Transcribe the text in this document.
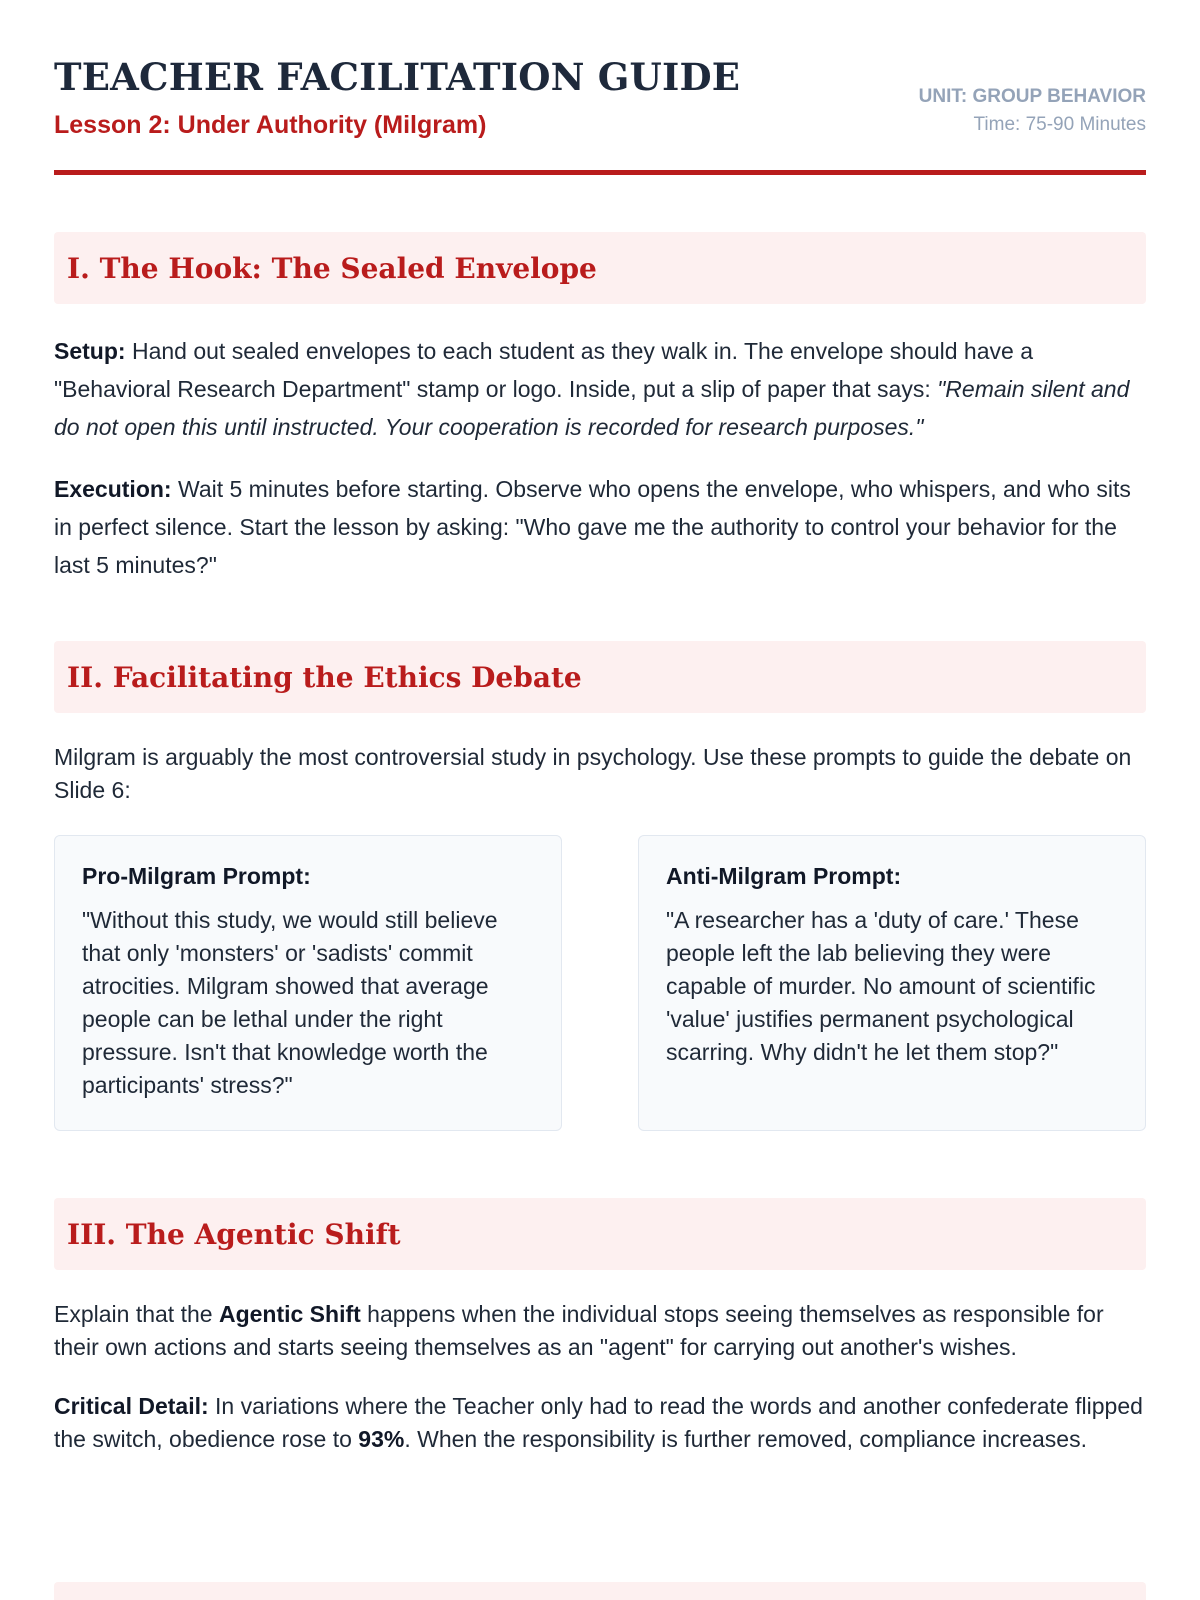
TEACHER FACILITATION GUIDE
Lesson 2: Under Authority (Milgram)
UNIT: GROUP BEHAVIOR
Time: 75-90 Minutes
I. The Hook: The Sealed Envelope

Setup: Hand out sealed envelopes to each student as they walk in. The envelope should have a "Behavioral Research Department" stamp or logo. Inside, put a slip of paper that says: "Remain silent and do not open this until instructed. Your cooperation is recorded for research purposes."

Execution: Wait 5 minutes before starting. Observe who opens the envelope, who whispers, and who sits in perfect silence. Start the lesson by asking: "Who gave me the authority to control your behavior for the last 5 minutes?"

II. Facilitating the Ethics Debate

Milgram is arguably the most controversial study in psychology. Use these prompts to guide the debate on Slide 6:

Pro-Milgram Prompt:
"Without this study, we would still believe that only 'monsters' or 'sadists' commit atrocities. Milgram showed that average people can be lethal under the right pressure. Isn't that knowledge worth the participants' stress?"
Anti-Milgram Prompt:
"A researcher has a 'duty of care.' These people left the lab believing they were capable of murder. No amount of scientific 'value' justifies permanent psychological scarring. Why didn't he let them stop?"
III. The Agentic Shift

Explain that the Agentic Shift happens when the individual stops seeing themselves as responsible for their own actions and starts seeing themselves as an "agent" for carrying out another's wishes.

Critical Detail: In variations where the Teacher only had to read the words and another confederate flipped the switch, obedience rose to 93%. When the responsibility is further removed, compliance increases.
